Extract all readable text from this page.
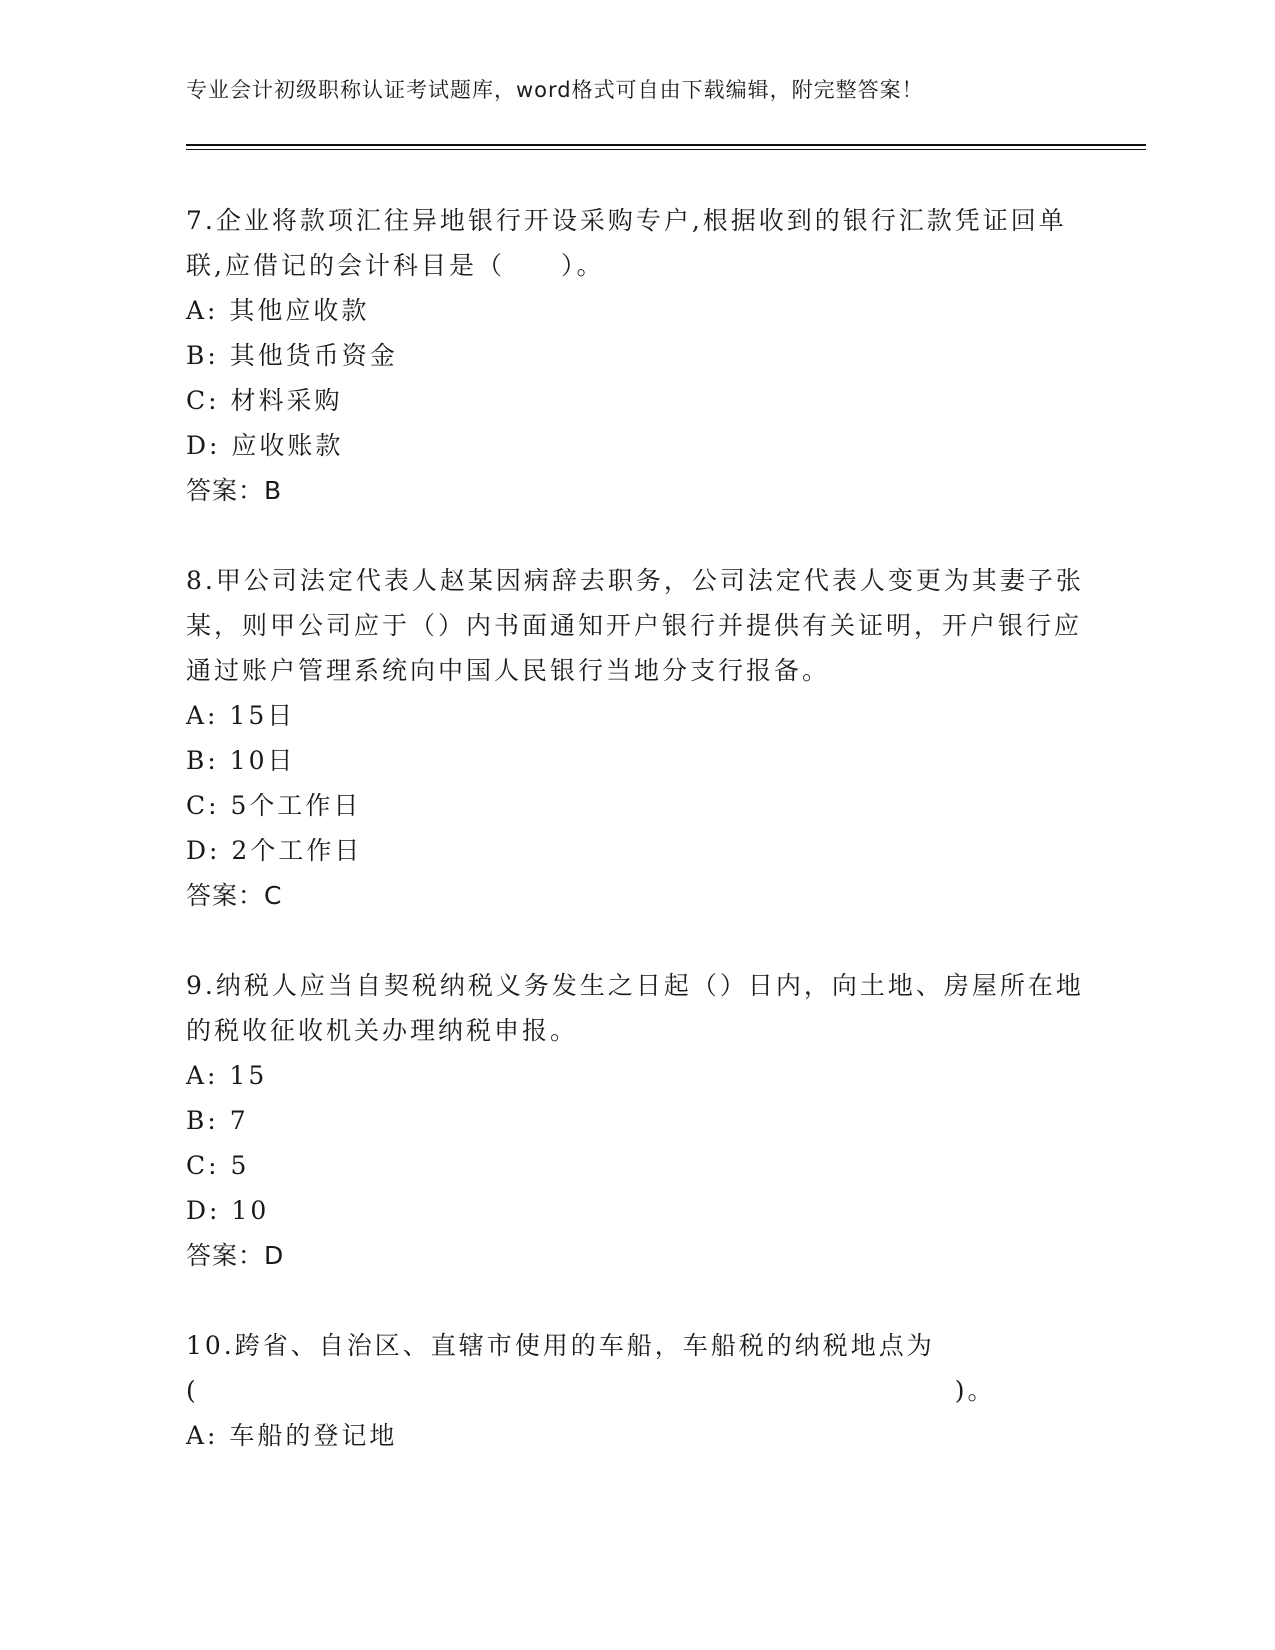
专业会计初级职称认证考试题库，word格式可自由下载编辑，附完整答案！

7.企业将款项汇往异地银行开设采购专户,根据收到的银行汇款凭证回单联,应借记的会计科目是（　　）。

A: 其他应收款

B: 其他货币资金

C: 材料采购

D: 应收账款

答案：B

8.甲公司法定代表人赵某因病辞去职务，公司法定代表人变更为其妻子张某，则甲公司应于（）内书面通知开户银行并提供有关证明，开户银行应通过账户管理系统向中国人民银行当地分支行报备。

A: 15日

B: 10日

C: 5个工作日

D: 2个工作日

答案：C

9.纳税人应当自契税纳税义务发生之日起（）日内，向土地、房屋所在地的税收征收机关办理纳税申报。

A: 15

B: 7

C: 5

D: 10

答案：D

10.跨省、自治区、直辖市使用的车船，车船税的纳税地点为(　　　　　　　　　　　　　　　　　　　　　　　　　　　)。

A: 车船的登记地
